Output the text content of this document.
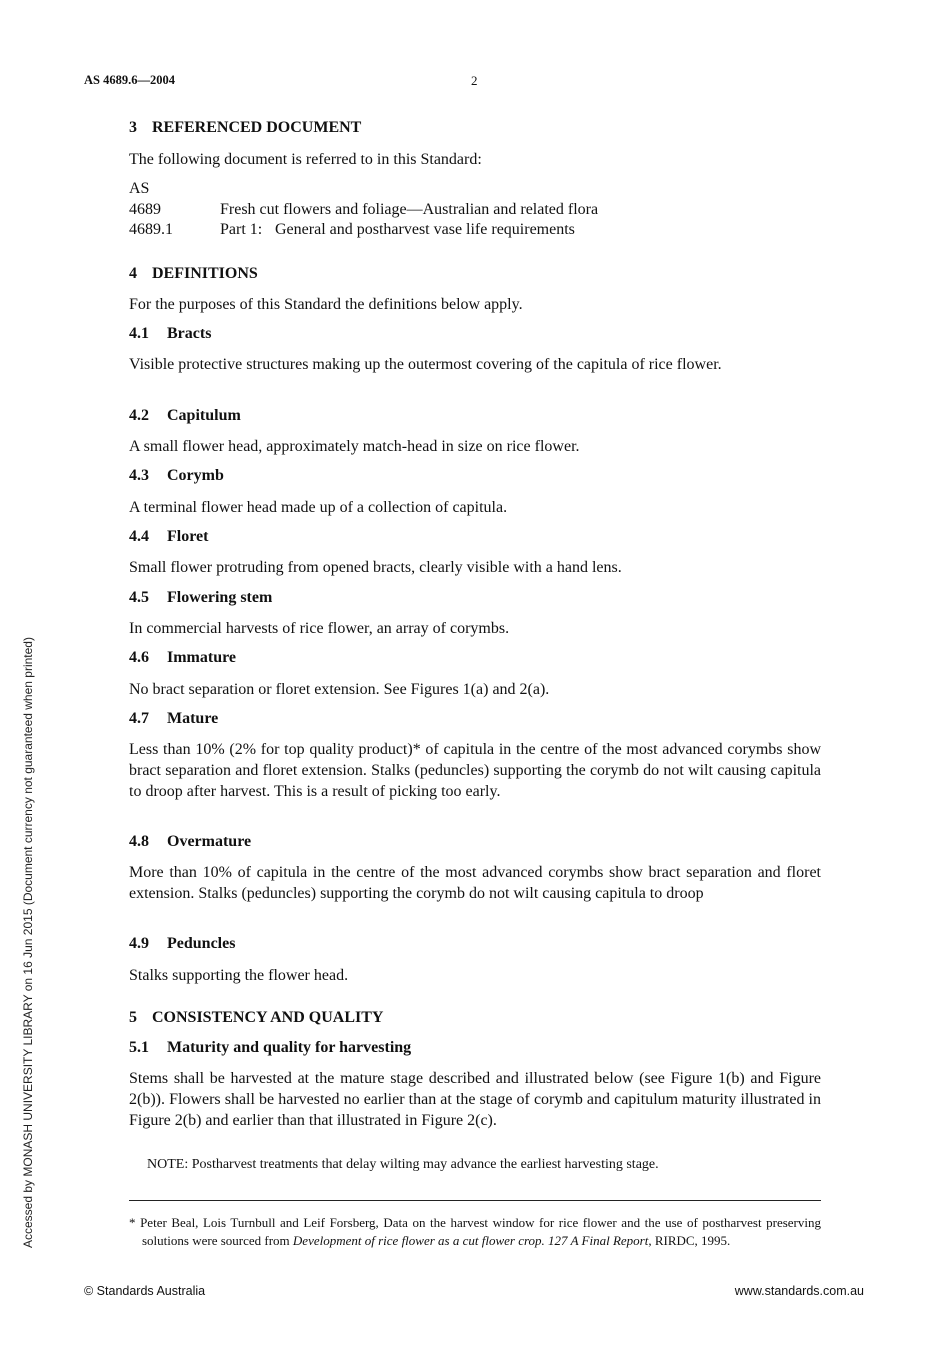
AS 4689.6—2004	2
3 REFERENCED DOCUMENT
The following document is referred to in this Standard:
AS
4689	Fresh cut flowers and foliage—Australian and related flora
4689.1	Part 1: General and postharvest vase life requirements
4 DEFINITIONS
For the purposes of this Standard the definitions below apply.
4.1 Bracts
Visible protective structures making up the outermost covering of the capitula of rice flower.
4.2 Capitulum
A small flower head, approximately match-head in size on rice flower.
4.3 Corymb
A terminal flower head made up of a collection of capitula.
4.4 Floret
Small flower protruding from opened bracts, clearly visible with a hand lens.
4.5 Flowering stem
In commercial harvests of rice flower, an array of corymbs.
4.6 Immature
No bract separation or floret extension. See Figures 1(a) and 2(a).
4.7 Mature
Less than 10% (2% for top quality product)* of capitula in the centre of the most advanced corymbs show bract separation and floret extension. Stalks (peduncles) supporting the corymb do not wilt causing capitula to droop after harvest. This is a result of picking too early.
4.8 Overmature
More than 10% of capitula in the centre of the most advanced corymbs show bract separation and floret extension. Stalks (peduncles) supporting the corymb do not wilt causing capitula to droop
4.9 Peduncles
Stalks supporting the flower head.
5 CONSISTENCY AND QUALITY
5.1 Maturity and quality for harvesting
Stems shall be harvested at the mature stage described and illustrated below (see Figure 1(b) and Figure 2(b)). Flowers shall be harvested no earlier than at the stage of corymb and capitulum maturity illustrated in Figure 2(b) and earlier than that illustrated in Figure 2(c).
NOTE: Postharvest treatments that delay wilting may advance the earliest harvesting stage.
* Peter Beal, Lois Turnbull and Leif Forsberg, Data on the harvest window for rice flower and the use of postharvest preserving solutions were sourced from Development of rice flower as a cut flower crop. 127 A Final Report, RIRDC, 1995.
© Standards Australia	www.standards.com.au
Accessed by MONASH UNIVERSITY LIBRARY on 16 Jun 2015 (Document currency not guaranteed when printed)
